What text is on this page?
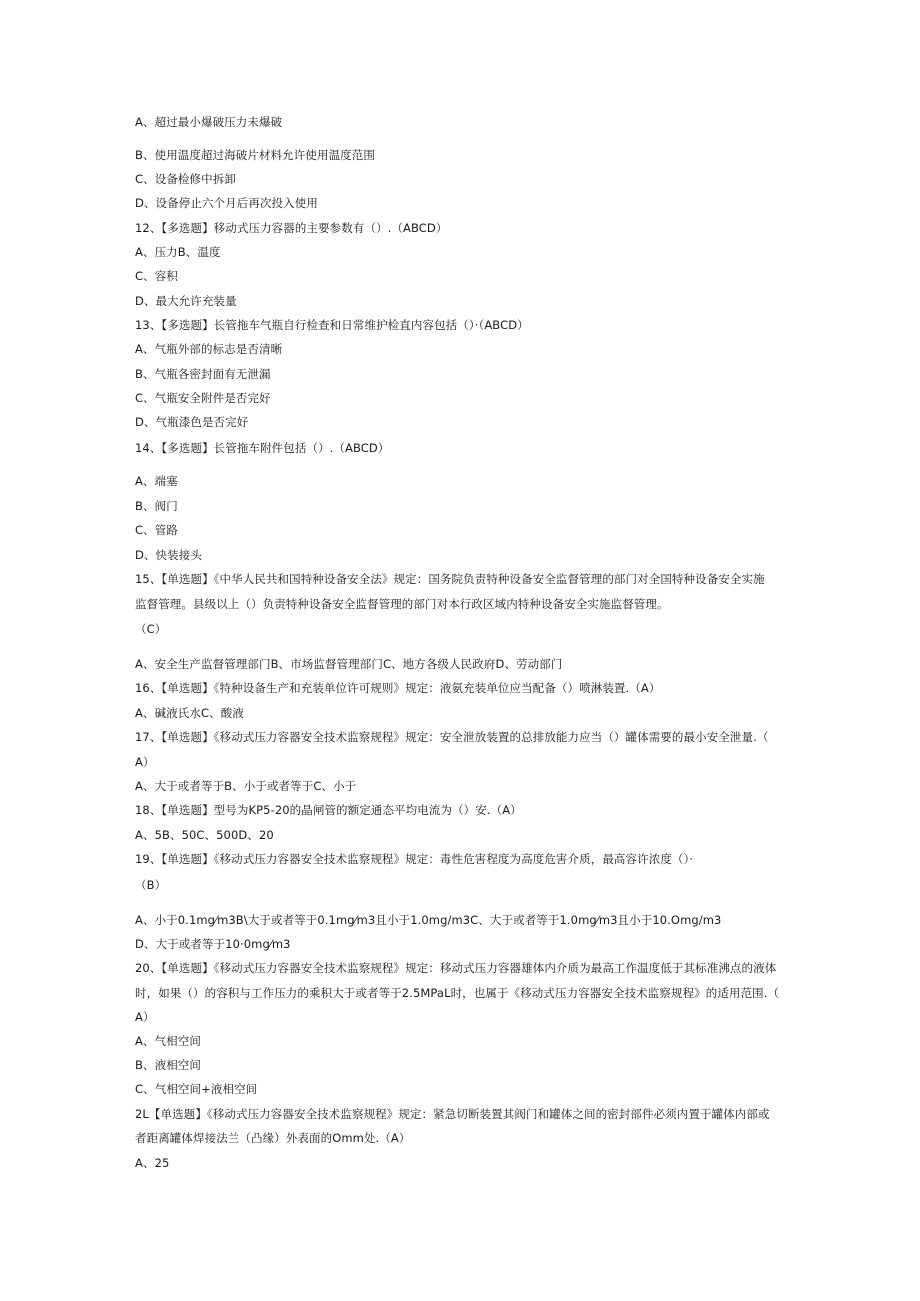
A、超过最小爆破压力未爆破
B、使用温度超过海破片材料允许使用温度范围
C、设备检修中拆卸
D、设备停止六个月后再次投入使用
12、【多选题】移动式压力容器的主要参数有（）.（ABCD）
A、压力B、温度
C、容积
D、最大允许充装量
13、【多选题】长管拖车气瓶自行检查和日常维护检直内容包括（）·（ABCD）
A、气瓶外部的标志是否清晰
B、气瓶各密封面有无泄漏
C、气瓶安全附件是否完好
D、气瓶漆色是否完好
14、【多选题】长管拖车附件包括（）.（ABCD）
A、端塞
B、阀门
C、管路
D、快装接头
15、【单选题】《中华人民共和国特种设备安全法》规定：国务院负责特种设备安全监督管理的部门对全国特种设备安全实施
监督管理。县级以上（）负责特种设备安全监督管理的部门对本行政区域内特种设备安全实施监督管理。
（C）
A、安全生产监督管理部门B、市场监督管理部门C、地方各级人民政府D、劳动部门
16、【单选题】《特种设备生产和充装单位许可规则》规定：液氨充装单位应当配备（）喷淋装置.（A）
A、碱液氏水C、酸液
17、【单选题】《移动式压力容器安全技术监察规程》规定：安全泄放装置的总排放能力应当（）罐体需要的最小安全泄量.（
A）
A、大于或者等于B、小于或者等于C、小于
18、【单选题】型号为KP5-20的晶闸管的额定通态平均电流为（）安.（A）
A、5B、50C、500D、20
19、【单选题】《移动式压力容器安全技术监察规程》规定：毒性危害程度为高度危害介质，最高容许浓度（）·
（B）
A、小于0.1mg⁄m3B\大于或者等于0.1mg⁄m3且小于1.0mg/m3C、大于或者等于1.0mg⁄m3且小于10.Omg/m3
D、大于或者等于10·0mg⁄m3
20、【单选题】《移动式压力容器安全技术监察规程》规定：移动式压力容器雄体内介质为最高工作温度低于其标准沸点的液体
时，如果（）的容积与工作压力的乘积大于或者等于2.5MPaL时，也属于《移动式压力容器安全技术监察规程》的适用范围.（
A）
A、气相空间
B、液相空间
C、气相空间+液相空间
2L【单选题】《移动式压力容器安全技术监察规程》规定：紧急切断装置其阀门和罐体之间的密封部件必须内置于罐体内部或
者距离罐体焊接法兰（凸缘）外表面的Omm处.（A）
A、25
